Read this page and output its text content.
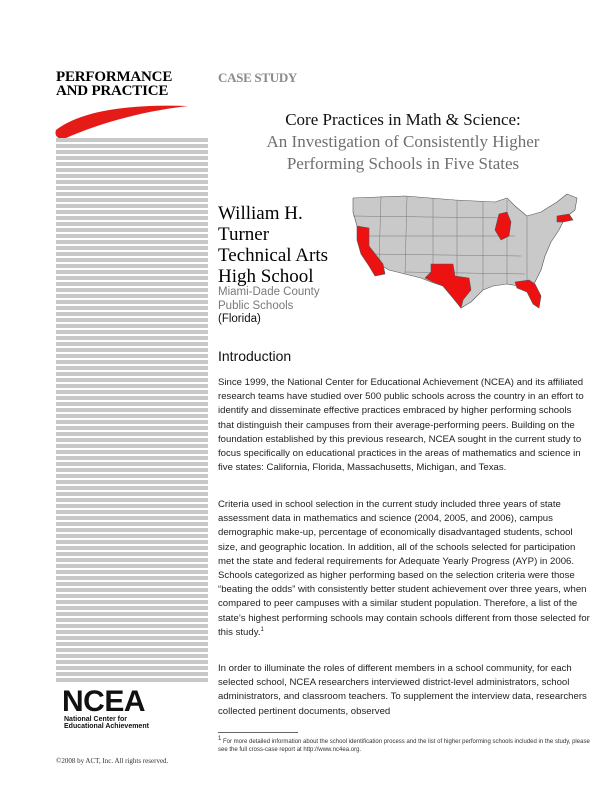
PERFORMANCE
AND PRACTICE
NCEA
National Center for
Educational Achievement
©2008 by ACT, Inc. All rights reserved.
CASE STUDY
Core Practices in Math & Science:
An Investigation of Consistently Higher
Performing Schools in Five States
William H.
Turner
Technical Arts
High School
Miami-Dade County
Public Schools
(Florida)
Introduction
Since 1999, the National Center for Educational Achievement (NCEA) and its affiliated research teams have studied over 500 public schools across the country in an effort to identify and disseminate effective practices embraced by higher performing schools that distinguish their campuses from their average-performing peers. Building on the foundation established by this previous research, NCEA sought in the current study to focus specifically on educational practices in the areas of mathematics and science in five states: California, Florida, Massachusetts, Michigan, and Texas.
Criteria used in school selection in the current study included three years of state assessment data in mathematics and science (2004, 2005, and 2006), campus demographic make-up, percentage of economically disadvantaged students, school size, and geographic location. In addition, all of the schools selected for participation met the state and federal requirements for Adequate Yearly Progress (AYP) in 2006. Schools categorized as higher performing based on the selection criteria were those “beating the odds” with consistently better student achievement over three years, when compared to peer campuses with a similar student population. Therefore, a list of the state’s highest performing schools may contain schools different from those selected for this study.$^1$
In order to illuminate the roles of different members in a school community, for each selected school, NCEA researchers interviewed district-level administrators, school administrators, and classroom teachers. To supplement the interview data, researchers collected pertinent documents, observed
1 For more detailed information about the school identification process and the list of higher performing schools included in the study, please see the full cross-case report at http://www.nc4ea.org.
